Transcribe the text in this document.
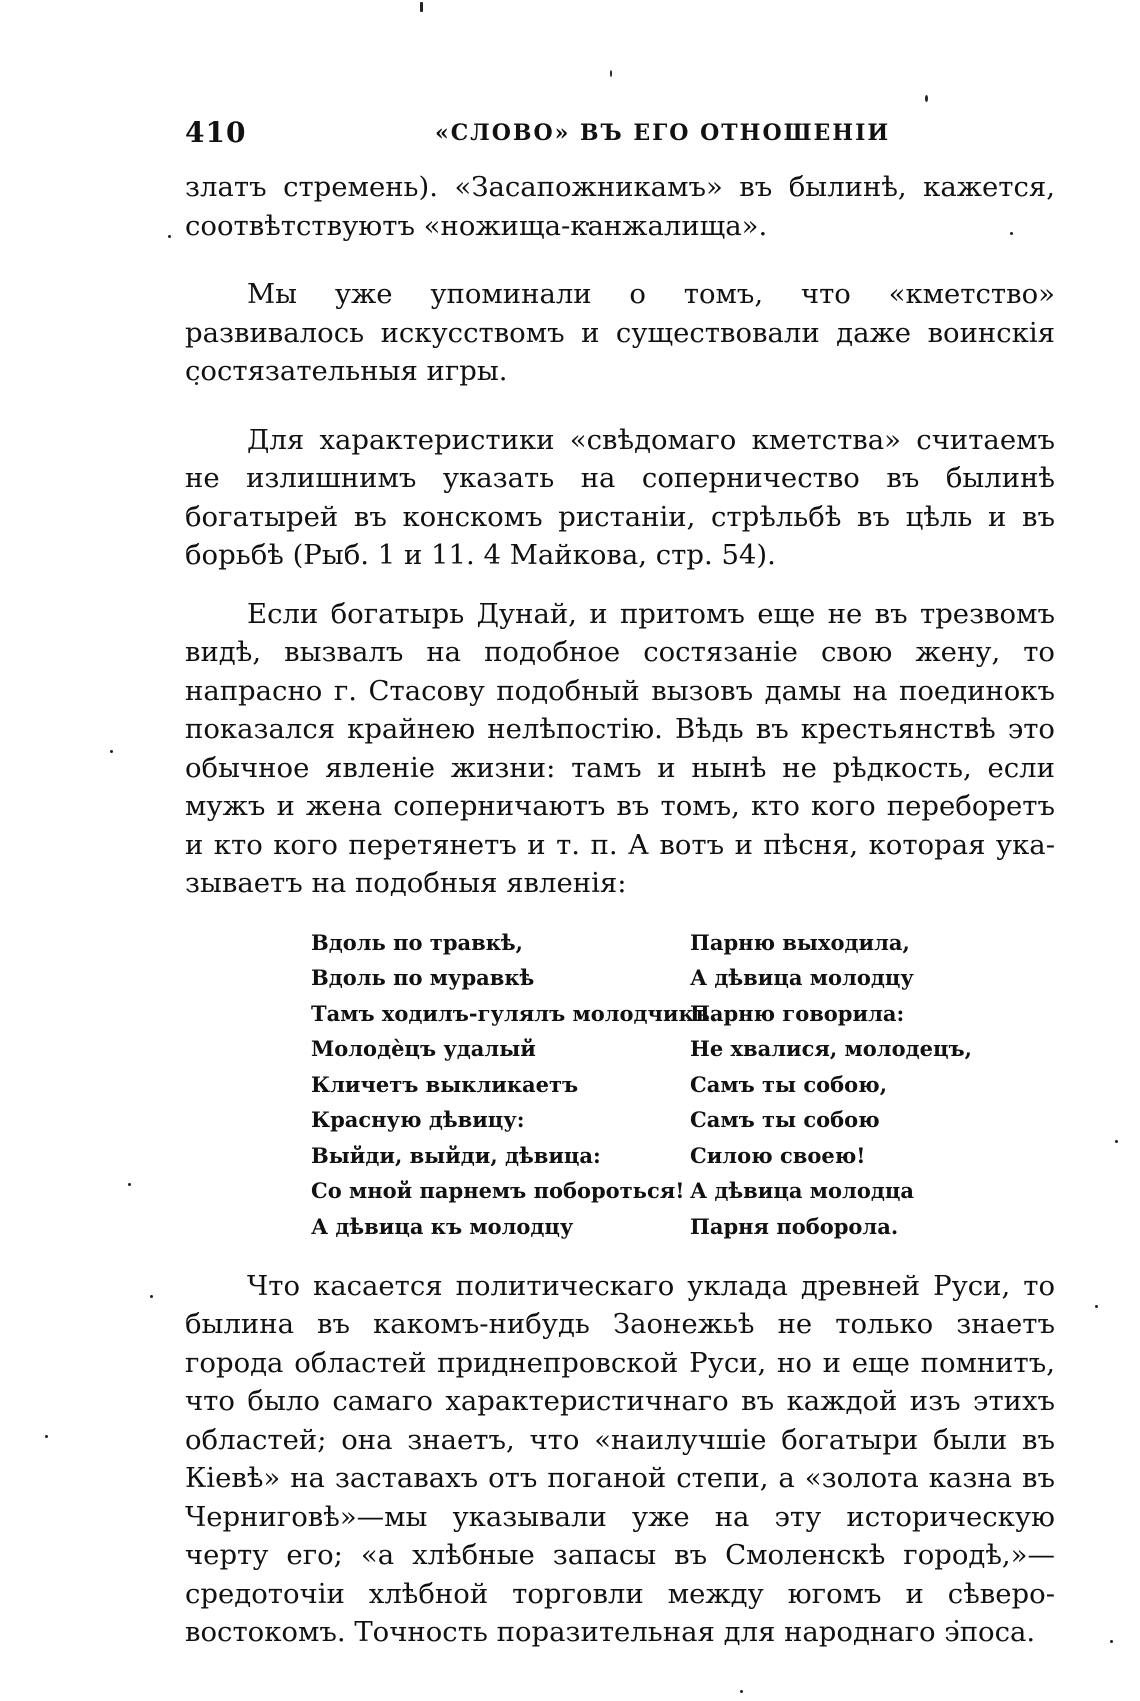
410	«СЛОВО» ВЪ ЕГО ОТНОШЕНІИ

златъ стремень). «Засапожникамъ» въ былинѣ, кажется, соотвѣтствуютъ «ножища-канжалища».

Мы уже упоминали о томъ, что «кметство» развивалось искусствомъ и существовали даже воинскія состязательныя игры.

Для характеристики «свѣдомаго кметства» считаемъ не излишнимъ указать на соперничество въ былинѣ богатырей въ конскомъ ристаніи, стрѣльбѣ въ цѣль и въ борьбѣ (Рыб. 1 и 11. 4 Майкова, стр. 54).

Если богатырь Дунай, и притомъ еще не въ трезвомъ видѣ, вызвалъ на подобное состязаніе свою жену, то напрасно г. Стасову подобный вызовъ дамы на поединокъ показался крайнею нелѣпостію. Вѣдь въ крестьянствѣ это обычное явленіе жизни: тамъ и нынѣ не рѣдкость, если мужъ и жена соперничаютъ въ томъ, кто кого переборетъ и кто кого перетянетъ и т. п. А вотъ и пѣсня, которая указываетъ на подобныя явленія:

Вдоль по травкѣ,
Вдоль по муравкѣ
Тамъ ходилъ-гулялъ молодчикъ.
Молодѐцъ удалый
Кличетъ выкликаетъ
Красную дѣвицу:
Выйди, выйди, дѣвица:
Со мной парнемъ побороться!
А дѣвица къ молодцу
Парню выходила,
А дѣвица молодцу
Парню говорила:
Не хвалися, молодецъ,
Самъ ты собою,
Самъ ты собою
Силою своею!
А дѣвица молодца
Парня поборола.

Что касается политическаго уклада древней Руси, то былина въ какомъ-нибудь Заонежьѣ не только знаетъ города областей приднепровской Руси, но и еще помнитъ, что было самаго характеристичнаго въ каждой изъ этихъ областей; она знаетъ, что «наилучшіе богатыри были въ Кіевѣ» на заставахъ отъ поганой степи, а «золота казна въ Черниговѣ»—мы указывали уже на эту историческую черту его; «а хлѣбные запасы въ Смоленскѣ городѣ,»—средоточіи хлѣбной торговли между югомъ и сѣверо-востокомъ. Точность поразительная для народнаго эпоса.
